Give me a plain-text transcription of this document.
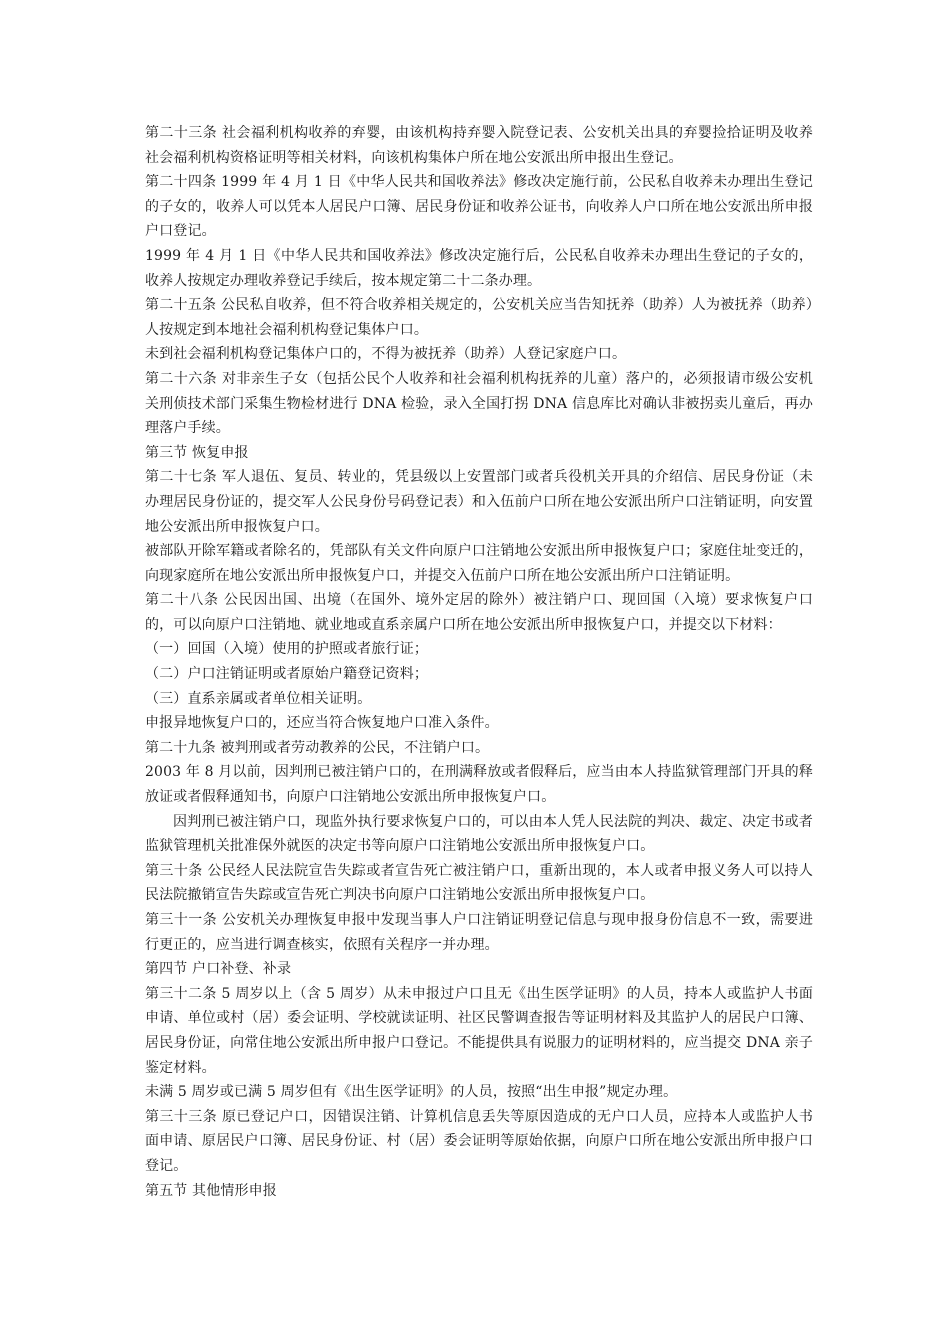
第二十三条 社会福利机构收养的弃婴，由该机构持弃婴入院登记表、公安机关出具的弃婴捡拾证明及收养社会福利机构资格证明等相关材料，向该机构集体户所在地公安派出所申报出生登记。

第二十四条 1999 年 4 月 1 日《中华人民共和国收养法》修改决定施行前，公民私自收养未办理出生登记的子女的，收养人可以凭本人居民户口簿、居民身份证和收养公证书，向收养人户口所在地公安派出所申报户口登记。

1999 年 4 月 1 日《中华人民共和国收养法》修改决定施行后，公民私自收养未办理出生登记的子女的，收养人按规定办理收养登记手续后，按本规定第二十二条办理。

第二十五条 公民私自收养，但不符合收养相关规定的，公安机关应当告知抚养（助养）人为被抚养（助养）人按规定到本地社会福利机构登记集体户口。

未到社会福利机构登记集体户口的，不得为被抚养（助养）人登记家庭户口。

第二十六条 对非亲生子女（包括公民个人收养和社会福利机构抚养的儿童）落户的，必须报请市级公安机关刑侦技术部门采集生物检材进行 DNA 检验，录入全国打拐 DNA 信息库比对确认非被拐卖儿童后，再办理落户手续。

第三节 恢复申报

第二十七条 军人退伍、复员、转业的，凭县级以上安置部门或者兵役机关开具的介绍信、居民身份证（未办理居民身份证的，提交军人公民身份号码登记表）和入伍前户口所在地公安派出所户口注销证明，向安置地公安派出所申报恢复户口。

被部队开除军籍或者除名的，凭部队有关文件向原户口注销地公安派出所申报恢复户口；家庭住址变迁的，向现家庭所在地公安派出所申报恢复户口，并提交入伍前户口所在地公安派出所户口注销证明。

第二十八条 公民因出国、出境（在国外、境外定居的除外）被注销户口、现回国（入境）要求恢复户口的，可以向原户口注销地、就业地或直系亲属户口所在地公安派出所申报恢复户口，并提交以下材料：

（一）回国（入境）使用的护照或者旅行证；

（二）户口注销证明或者原始户籍登记资料；

（三）直系亲属或者单位相关证明。

申报异地恢复户口的，还应当符合恢复地户口准入条件。

第二十九条 被判刑或者劳动教养的公民，不注销户口。

2003 年 8 月以前，因判刑已被注销户口的，在刑满释放或者假释后，应当由本人持监狱管理部门开具的释放证或者假释通知书，向原户口注销地公安派出所申报恢复户口。

因判刑已被注销户口，现监外执行要求恢复户口的，可以由本人凭人民法院的判决、裁定、决定书或者监狱管理机关批准保外就医的决定书等向原户口注销地公安派出所申报恢复户口。

第三十条 公民经人民法院宣告失踪或者宣告死亡被注销户口，重新出现的，本人或者申报义务人可以持人民法院撤销宣告失踪或宣告死亡判决书向原户口注销地公安派出所申报恢复户口。

第三十一条 公安机关办理恢复申报中发现当事人户口注销证明登记信息与现申报身份信息不一致，需要进行更正的，应当进行调查核实，依照有关程序一并办理。

第四节 户口补登、补录

第三十二条 5 周岁以上（含 5 周岁）从未申报过户口且无《出生医学证明》的人员，持本人或监护人书面申请、单位或村（居）委会证明、学校就读证明、社区民警调查报告等证明材料及其监护人的居民户口簿、居民身份证，向常住地公安派出所申报户口登记。不能提供具有说服力的证明材料的，应当提交 DNA 亲子鉴定材料。

未满 5 周岁或已满 5 周岁但有《出生医学证明》的人员，按照“出生申报”规定办理。

第三十三条 原已登记户口，因错误注销、计算机信息丢失等原因造成的无户口人员，应持本人或监护人书面申请、原居民户口簿、居民身份证、村（居）委会证明等原始依据，向原户口所在地公安派出所申报户口登记。

第五节 其他情形申报
